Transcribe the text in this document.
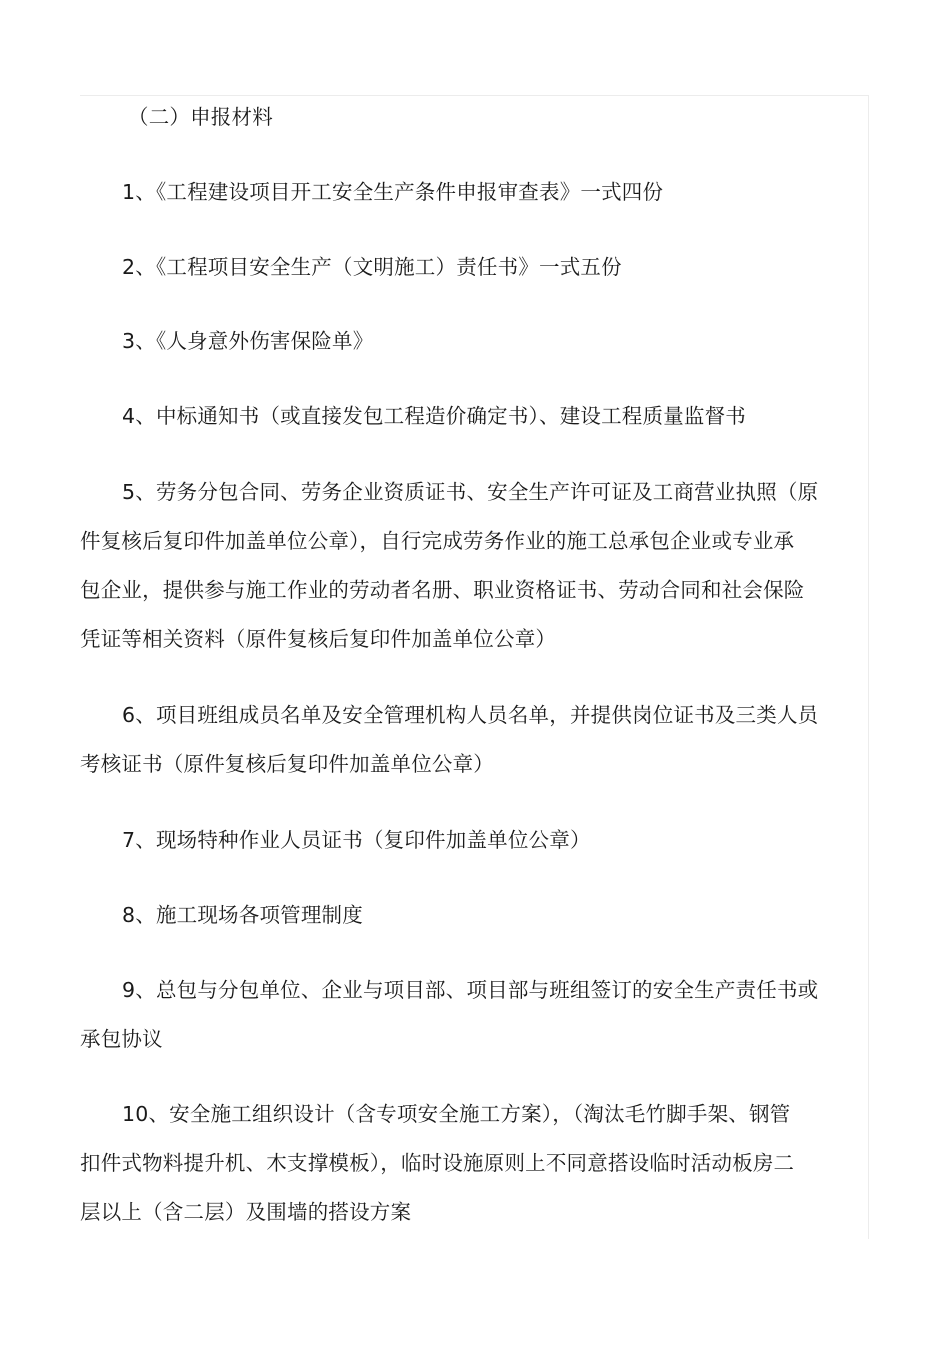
（二）申报材料

1、《工程建设项目开工安全生产条件申报审查表》一式四份

2、《工程项目安全生产（文明施工）责任书》一式五份

3、《人身意外伤害保险单》

4、中标通知书（或直接发包工程造价确定书）、建设工程质量监督书

5、劳务分包合同、劳务企业资质证书、安全生产许可证及工商营业执照（原
件复核后复印件加盖单位公章），自行完成劳务作业的施工总承包企业或专业承
包企业，提供参与施工作业的劳动者名册、职业资格证书、劳动合同和社会保险
凭证等相关资料（原件复核后复印件加盖单位公章）
6、项目班组成员名单及安全管理机构人员名单，并提供岗位证书及三类人员
考核证书（原件复核后复印件加盖单位公章）

7、现场特种作业人员证书（复印件加盖单位公章）

8、施工现场各项管理制度

9、总包与分包单位、企业与项目部、项目部与班组签订的安全生产责任书或
承包协议
10、安全施工组织设计（含专项安全施工方案），（淘汰毛竹脚手架、钢管
扣件式物料提升机、木支撑模板），临时设施原则上不同意搭设临时活动板房二
层以上（含二层）及围墙的搭设方案
